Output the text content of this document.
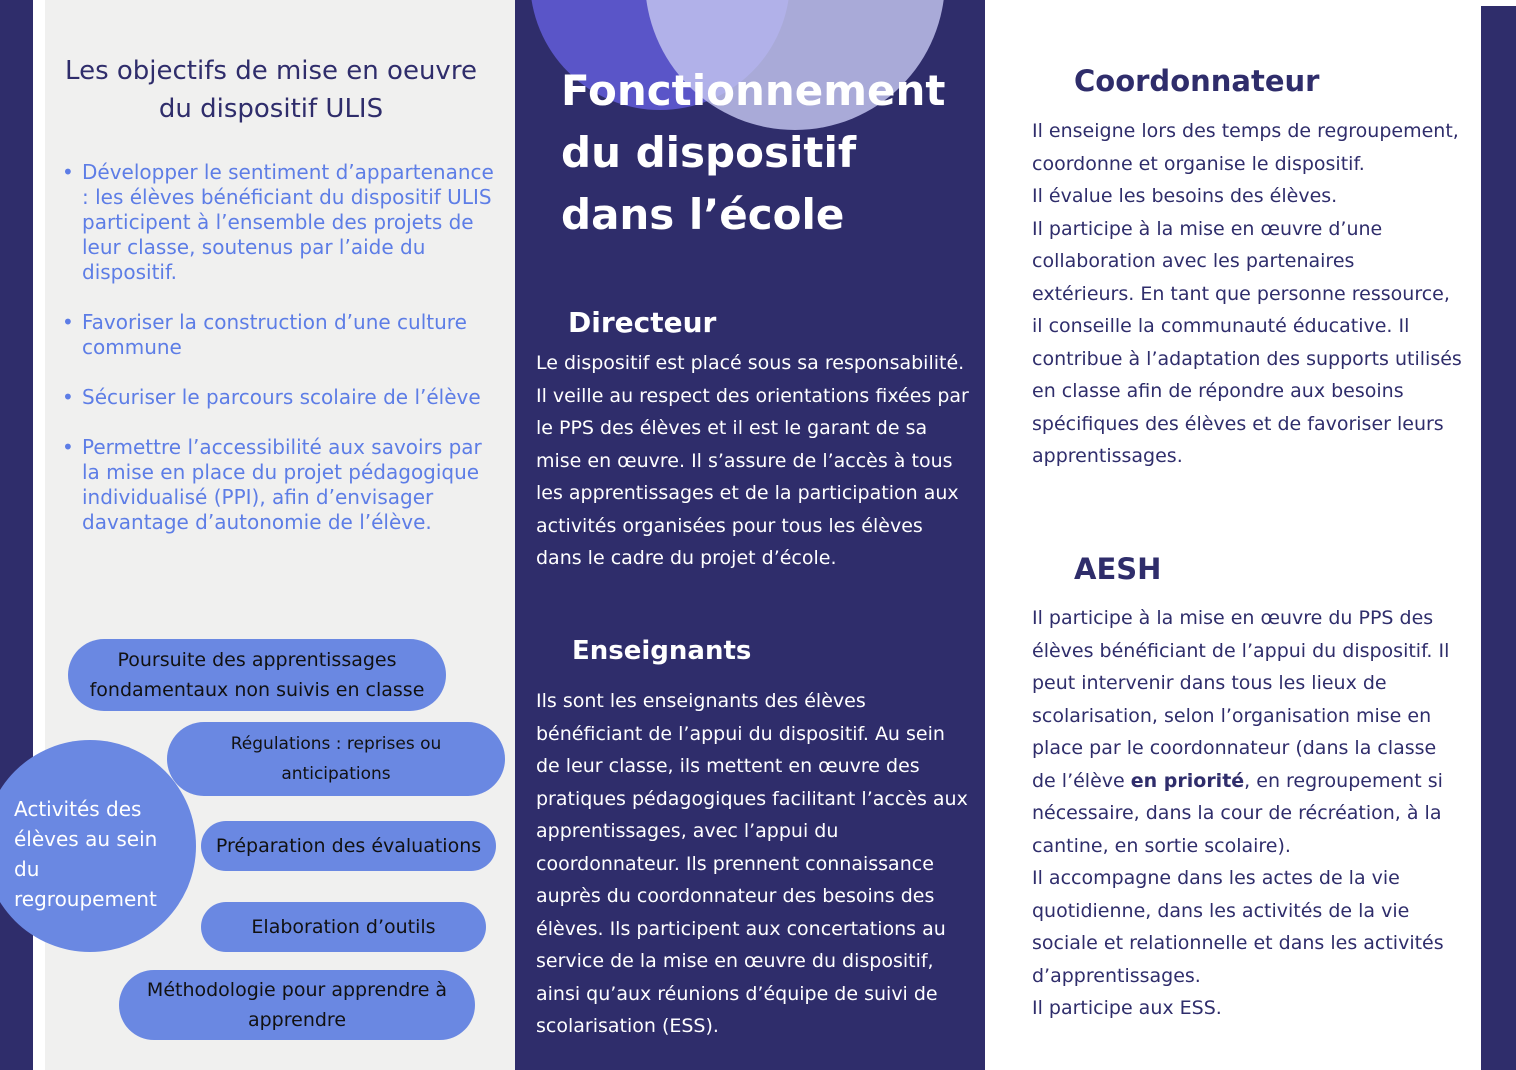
Les objectifs de mise en oeuvre
du dispositif ULIS
• Développer le sentiment d’appartenance : les élèves bénéficiant du dispositif ULIS participent à l’ensemble des projets de leur classe, soutenus par l’aide du dispositif.
• Favoriser la construction d’une culture commune
• Sécuriser le parcours scolaire de l’élève
• Permettre l’accessibilité aux savoirs par la mise en place du projet pédagogique individualisé (PPI), afin d’envisager davantage d’autonomie de l’élève.
Poursuite des apprentissages fondamentaux non suivis en classe
Régulations : reprises ou anticipations
Activités des élèves au sein du regroupement
Préparation des évaluations
Elaboration d’outils
Méthodologie pour apprendre à apprendre
Fonctionnement
du dispositif
dans l’école
Directeur
Le dispositif est placé sous sa responsabilité. Il veille au respect des orientations fixées par le PPS des élèves et il est le garant de sa mise en œuvre. Il s’assure de l’accès à tous les apprentissages et de la participation aux activités organisées pour tous les élèves dans le cadre du projet d’école.
Enseignants
Ils sont les enseignants des élèves bénéficiant de l’appui du dispositif. Au sein de leur classe, ils mettent en œuvre des pratiques pédagogiques facilitant l’accès aux apprentissages, avec l’appui du coordonnateur. Ils prennent connaissance auprès du coordonnateur des besoins des élèves. Ils participent aux concertations au service de la mise en œuvre du dispositif, ainsi qu’aux réunions d’équipe de suivi de scolarisation (ESS).
Coordonnateur
Il enseigne lors des temps de regroupement, coordonne et organise le dispositif.
Il évalue les besoins des élèves.
Il participe à la mise en œuvre d’une collaboration avec les partenaires extérieurs. En tant que personne ressource, il conseille la communauté éducative. Il contribue à l’adaptation des supports utilisés en classe afin de répondre aux besoins spécifiques des élèves et de favoriser leurs apprentissages.
AESH
Il participe à la mise en œuvre du PPS des élèves bénéficiant de l’appui du dispositif. Il peut intervenir dans tous les lieux de scolarisation, selon l’organisation mise en place par le coordonnateur (dans la classe de l’élève en priorité, en regroupement si nécessaire, dans la cour de récréation, à la cantine, en sortie scolaire).
Il accompagne dans les actes de la vie quotidienne, dans les activités de la vie sociale et relationnelle et dans les activités d’apprentissages.
Il participe aux ESS.
